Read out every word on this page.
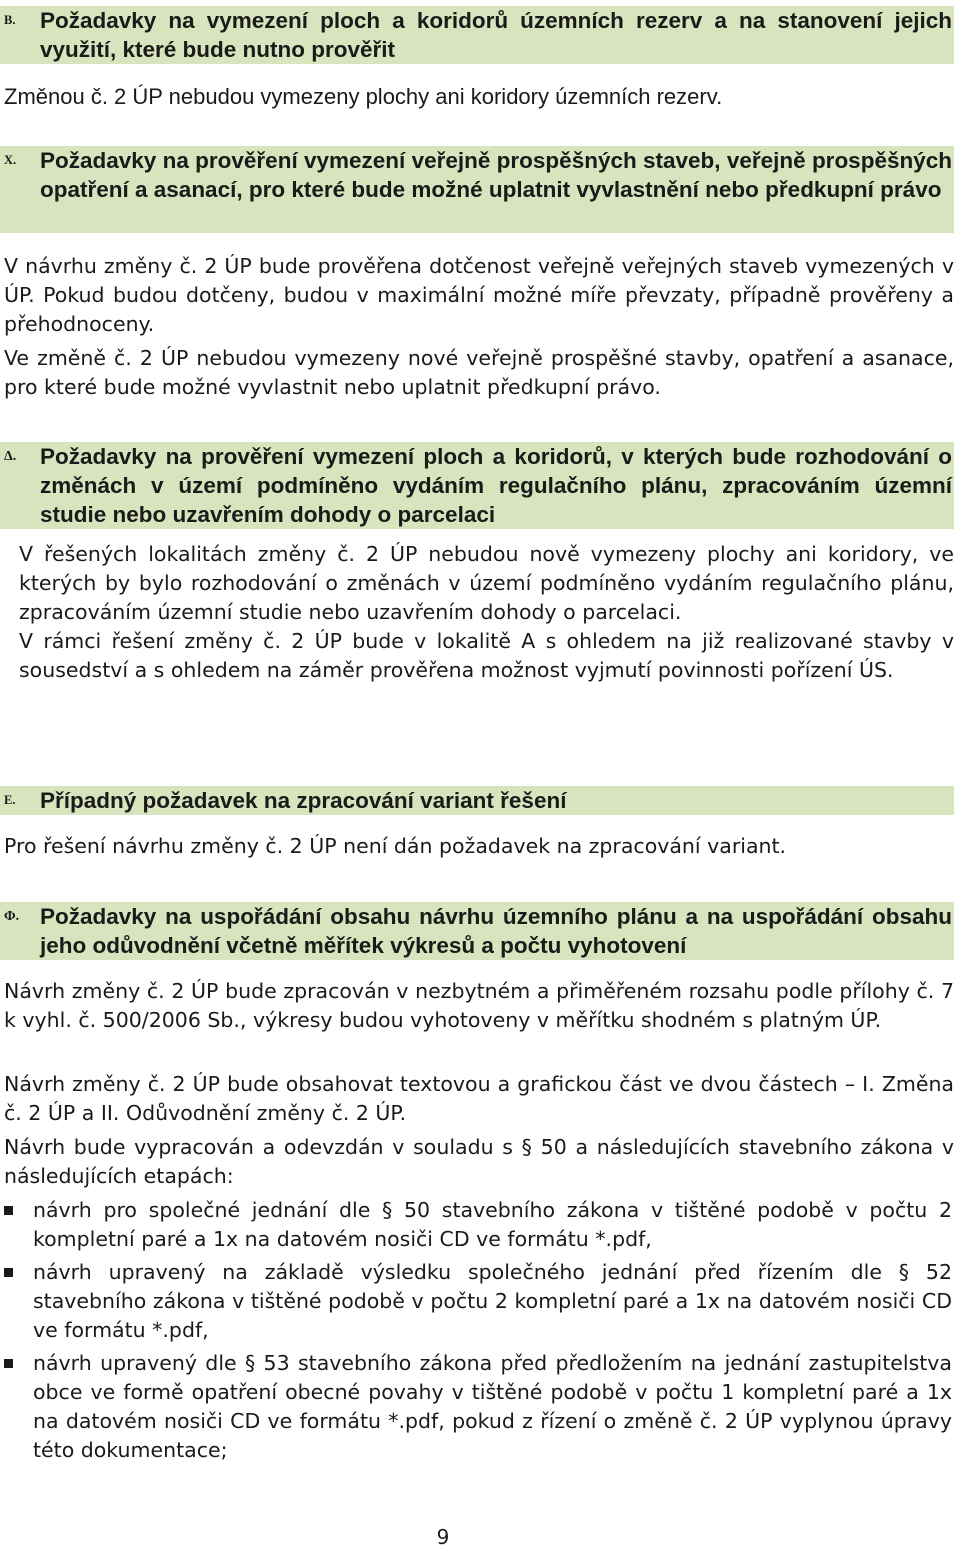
B. Požadavky na vymezení ploch a koridorů územních rezerv a na stanovení jejich využití, které bude nutno prověřit

Změnou č. 2 ÚP nebudou vymezeny plochy ani koridory územních rezerv.

X. Požadavky na prověření vymezení veřejně prospěšných staveb, veřejně prospěšných opatření a asanací, pro které bude možné uplatnit vyvlastnění nebo předkupní právo

V návrhu změny č. 2 ÚP bude prověřena dotčenost veřejně veřejných staveb vymezených v ÚP. Pokud budou dotčeny, budou v maximální možné míře převzaty, případně prověřeny a přehodnoceny.

Ve změně č. 2 ÚP nebudou vymezeny nové veřejně prospěšné stavby, opatření a asanace, pro které bude možné vyvlastnit nebo uplatnit předkupní právo.

Δ. Požadavky na prověření vymezení ploch a koridorů, v kterých bude rozhodování o změnách v území podmíněno vydáním regulačního plánu, zpracováním územní studie nebo uzavřením dohody o parcelaci

V řešených lokalitách změny č. 2 ÚP nebudou nově vymezeny plochy ani koridory, ve kterých by bylo rozhodování o změnách v území podmíněno vydáním regulačního plánu, zpracováním územní studie nebo uzavřením dohody o parcelaci.

V rámci řešení změny č. 2 ÚP bude v lokalitě A s ohledem na již realizované stavby v sousedství a s ohledem na záměr prověřena možnost vyjmutí povinnosti pořízení ÚS.

E. Případný požadavek na zpracování variant řešení

Pro řešení návrhu změny č. 2 ÚP není dán požadavek na zpracování variant.

Φ. Požadavky na uspořádání obsahu návrhu územního plánu a na uspořádání obsahu jeho odůvodnění včetně měřítek výkresů a počtu vyhotovení

Návrh změny č. 2 ÚP bude zpracován v nezbytném a přiměřeném rozsahu podle přílohy č. 7 k vyhl. č. 500/2006 Sb., výkresy budou vyhotoveny v měřítku shodném s platným ÚP.

Návrh změny č. 2 ÚP bude obsahovat textovou a grafickou část ve dvou částech – I. Změna č. 2 ÚP a II. Odůvodnění změny č. 2 ÚP.

Návrh bude vypracován a odevzdán v souladu s § 50 a následujících stavebního zákona v následujících etapách:

návrh pro společné jednání dle § 50 stavebního zákona v tištěné podobě v počtu 2 kompletní paré a 1x na datovém nosiči CD ve formátu *.pdf,
návrh upravený na základě výsledku společného jednání před řízením dle § 52 stavebního zákona v tištěné podobě v počtu 2 kompletní paré a 1x na datovém nosiči CD ve formátu *.pdf,
návrh upravený dle § 53 stavebního zákona před předložením na jednání zastupitelstva obce ve formě opatření obecné povahy v tištěné podobě v počtu 1 kompletní paré a 1x na datovém nosiči CD ve formátu *.pdf, pokud z řízení o změně č. 2 ÚP vyplynou úpravy této dokumentace;
9
